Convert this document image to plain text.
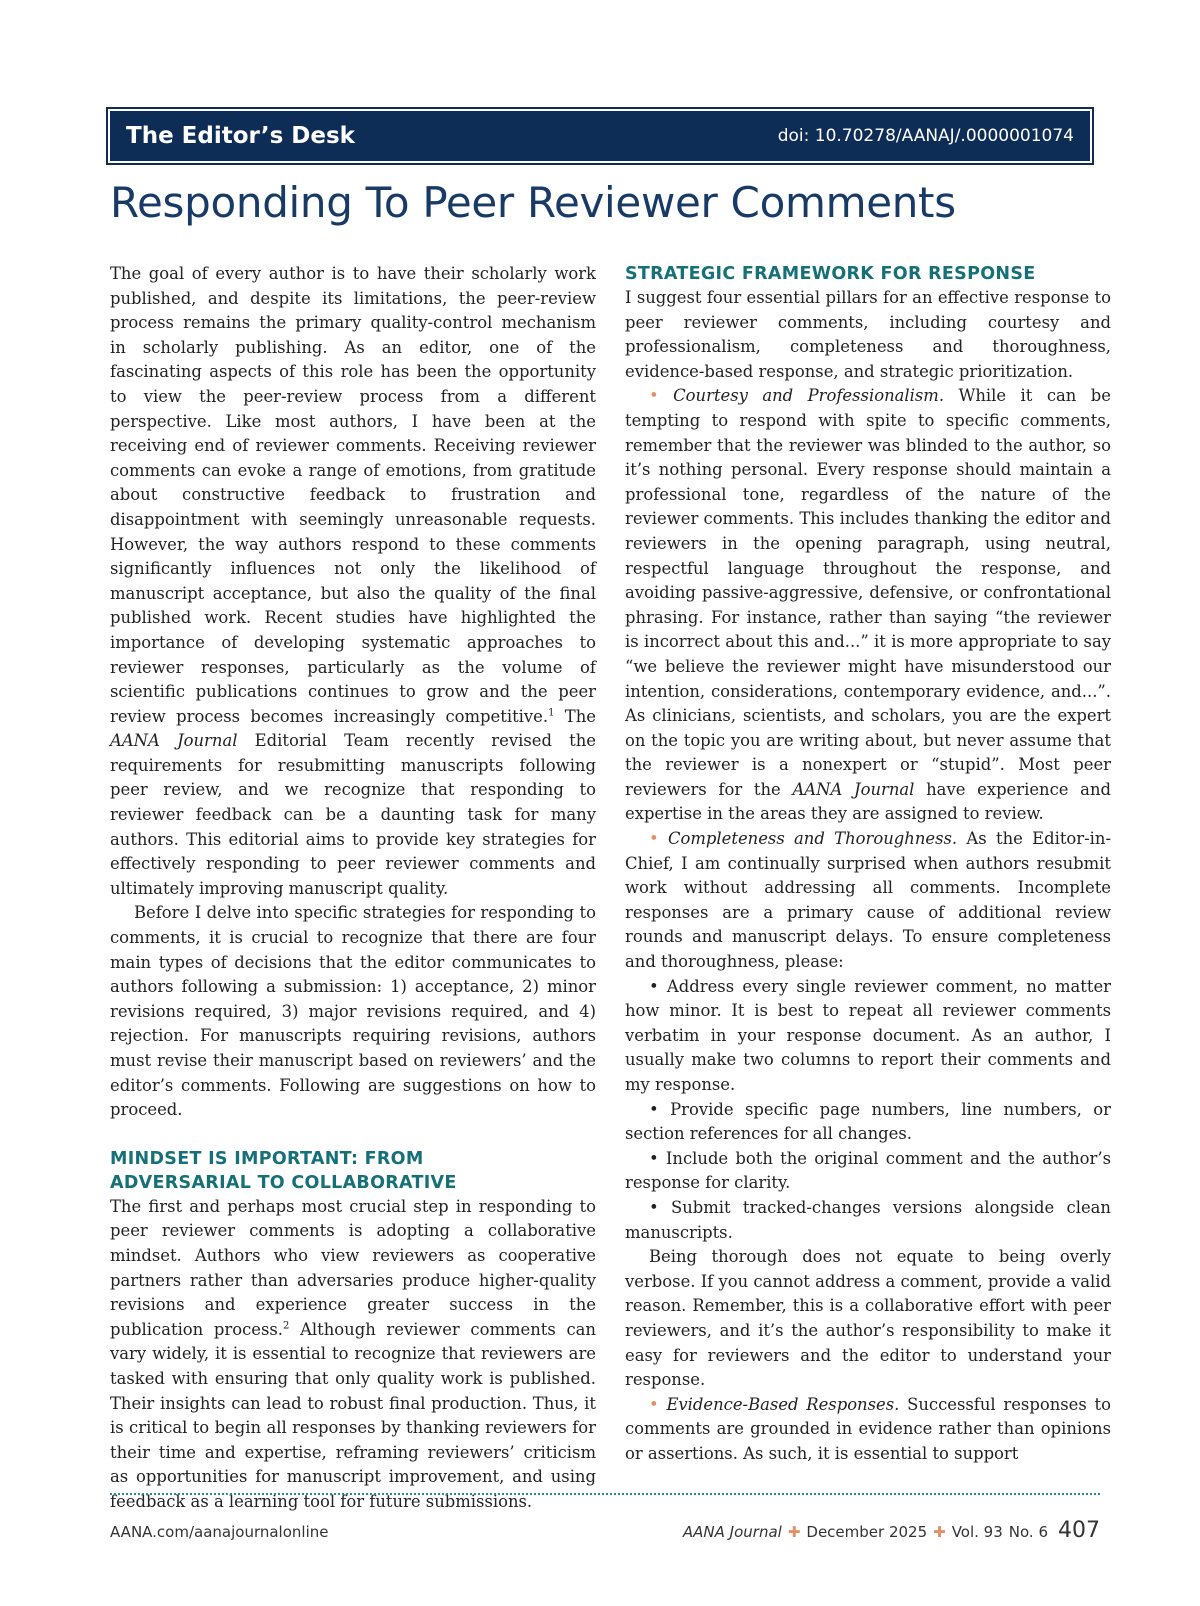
The Editor’s Desk	doi: 10.70278/AANAJ/.0000001074
Responding To Peer Reviewer Comments

The goal of every author is to have their scholarly work published, and despite its limitations, the peer-review process remains the primary quality-control mechanism in scholarly publishing. As an editor, one of the fascinating aspects of this role has been the opportunity to view the peer-review process from a different perspective. Like most authors, I have been at the receiving end of reviewer comments. Receiving reviewer comments can evoke a range of emotions, from gratitude about constructive feedback to frustration and disappointment with seemingly unreasonable requests. However, the way authors respond to these comments significantly influences not only the likelihood of manuscript acceptance, but also the quality of the final published work. Recent studies have highlighted the importance of developing systematic approaches to reviewer responses, particularly as the volume of scientific publications continues to grow and the peer review process becomes increasingly competitive.$^1$ The AANA Journal Editorial Team recently revised the requirements for resubmitting manuscripts following peer review, and we recognize that responding to reviewer feedback can be a daunting task for many authors. This editorial aims to provide key strategies for effectively responding to peer reviewer comments and ultimately improving manuscript quality.

Before I delve into specific strategies for responding to comments, it is crucial to recognize that there are four main types of decisions that the editor communicates to authors following a submission: 1) acceptance, 2) minor revisions required, 3) major revisions required, and 4) rejection. For manuscripts requiring revisions, authors must revise their manuscript based on reviewers’ and the editor’s comments. Following are suggestions on how to proceed.

MINDSET IS IMPORTANT: FROM
ADVERSARIAL TO COLLABORATIVE

The first and perhaps most crucial step in responding to peer reviewer comments is adopting a collaborative mindset. Authors who view reviewers as cooperative partners rather than adversaries produce higher-quality revisions and experience greater success in the publication process.$^2$ Although reviewer comments can vary widely, it is essential to recognize that reviewers are tasked with ensuring that only quality work is published. Their insights can lead to robust final production. Thus, it is critical to begin all responses by thanking reviewers for their time and expertise, reframing reviewers’ criticism as opportunities for manuscript improvement, and using feedback as a learning tool for future submissions.

STRATEGIC FRAMEWORK FOR RESPONSE

I suggest four essential pillars for an effective response to peer reviewer comments, including courtesy and professionalism, completeness and thoroughness, evidence-based response, and strategic prioritization.

• Courtesy and Professionalism. While it can be tempting to respond with spite to specific comments, remember that the reviewer was blinded to the author, so it’s nothing personal. Every response should maintain a professional tone, regardless of the nature of the reviewer comments. This includes thanking the editor and reviewers in the opening paragraph, using neutral, respectful language throughout the response, and avoiding passive-aggressive, defensive, or confrontational phrasing. For instance, rather than saying “the reviewer is incorrect about this and...” it is more appropriate to say “we believe the reviewer might have misunderstood our intention, considerations, contemporary evidence, and...”. As clinicians, scientists, and scholars, you are the expert on the topic you are writing about, but never assume that the reviewer is a nonexpert or “stupid”. Most peer reviewers for the AANA Journal have experience and expertise in the areas they are assigned to review.

• Completeness and Thoroughness. As the Editor-in-Chief, I am continually surprised when authors resubmit work without addressing all comments. Incomplete responses are a primary cause of additional review rounds and manuscript delays. To ensure completeness and thoroughness, please:

• Address every single reviewer comment, no matter how minor. It is best to repeat all reviewer comments verbatim in your response document. As an author, I usually make two columns to report their comments and my response.

• Provide specific page numbers, line numbers, or section references for all changes.

• Include both the original comment and the author’s response for clarity.

• Submit tracked-changes versions alongside clean manuscripts.

Being thorough does not equate to being overly verbose. If you cannot address a comment, provide a valid reason. Remember, this is a collaborative effort with peer reviewers, and it’s the author’s responsibility to make it easy for reviewers and the editor to understand your response.

• Evidence-Based Responses. Successful responses to comments are grounded in evidence rather than opinions or assertions. As such, it is essential to support

AANA.com/aanajournalonline	AANA Journal ✚ December 2025 ✚ Vol. 93 No. 6 407
